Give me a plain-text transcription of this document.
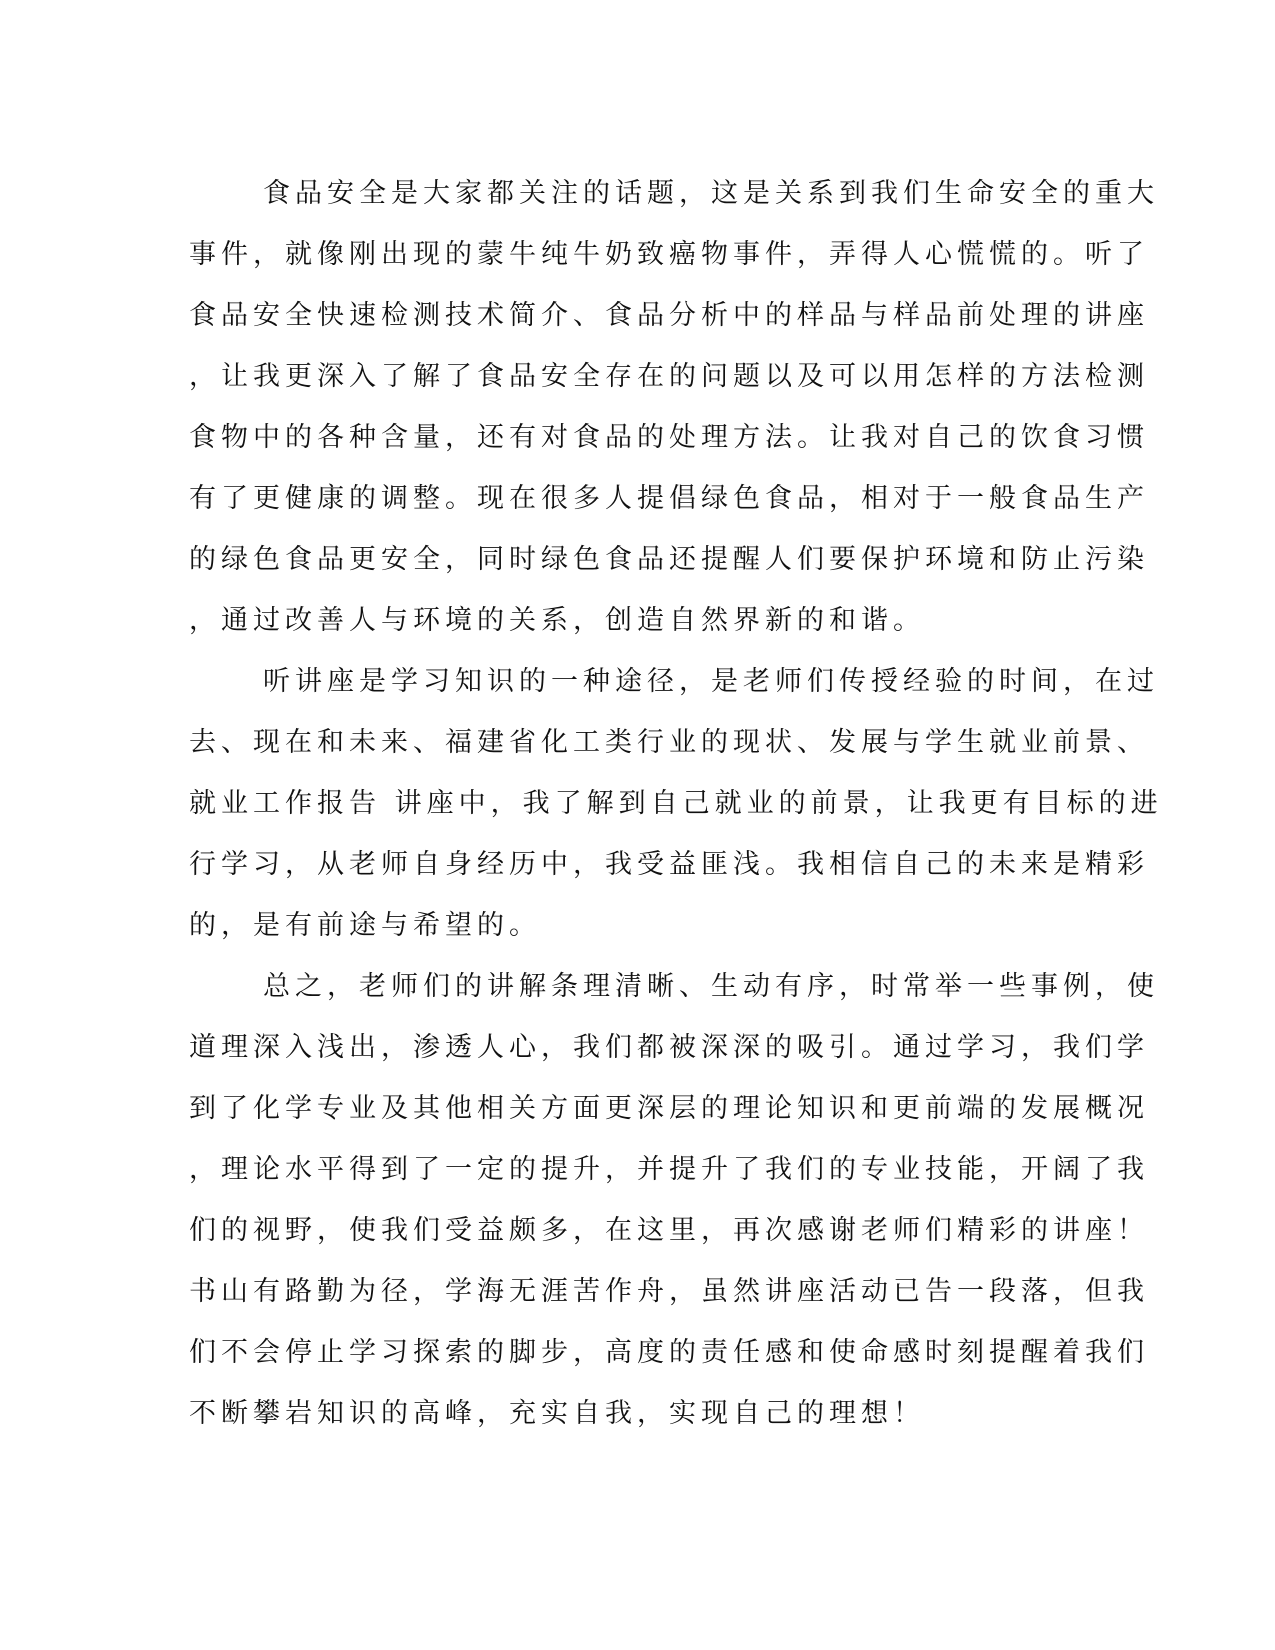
食品安全是大家都关注的话题，这是关系到我们生命安全的重大
事件，就像刚出现的蒙牛纯牛奶致癌物事件，弄得人心慌慌的。听了
食品安全快速检测技术简介、食品分析中的样品与样品前处理的讲座
，让我更深入了解了食品安全存在的问题以及可以用怎样的方法检测
食物中的各种含量，还有对食品的处理方法。让我对自己的饮食习惯
有了更健康的调整。现在很多人提倡绿色食品，相对于一般食品生产
的绿色食品更安全，同时绿色食品还提醒人们要保护环境和防止污染
，通过改善人与环境的关系，创造自然界新的和谐。
听讲座是学习知识的一种途径，是老师们传授经验的时间，在过
去、现在和未来、福建省化工类行业的现状、发展与学生就业前景、
就业工作报告 讲座中，我了解到自己就业的前景，让我更有目标的进
行学习，从老师自身经历中，我受益匪浅。我相信自己的未来是精彩
的，是有前途与希望的。
总之，老师们的讲解条理清晰、生动有序，时常举一些事例，使
道理深入浅出，渗透人心，我们都被深深的吸引。通过学习，我们学
到了化学专业及其他相关方面更深层的理论知识和更前端的发展概况
，理论水平得到了一定的提升，并提升了我们的专业技能，开阔了我
们的视野，使我们受益颇多，在这里，再次感谢老师们精彩的讲座！
书山有路勤为径，学海无涯苦作舟，虽然讲座活动已告一段落，但我
们不会停止学习探索的脚步，高度的责任感和使命感时刻提醒着我们
不断攀岩知识的高峰，充实自我，实现自己的理想！
